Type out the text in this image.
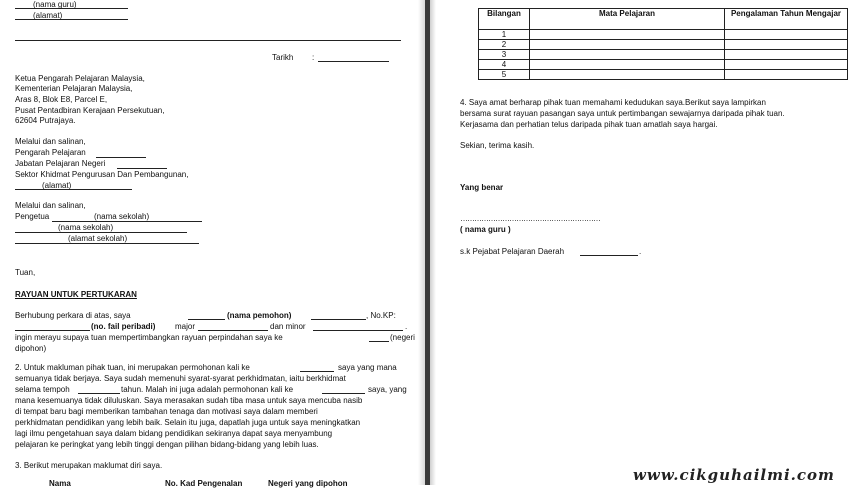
(nama guru)
(alamat)
Tarikh :
Ketua Pengarah Pelajaran Malaysia,
Kementerian Pelajaran Malaysia,
Aras 8, Blok E8, Parcel E,
Pusat Pentadbiran Kerajaan Persekutuan,
62604 Putrajaya.
Melalui dan salinan,
Pengarah Pelajaran
Jabatan Pelajaran Negeri
Sektor Khidmat Pengurusan Dan Pembangunan,
(alamat)
Melalui dan salinan,
Pengetua	(nama sekolah)
(nama sekolah)
(alamat sekolah)
Tuan,
RAYUAN UNTUK PERTUKARAN
Berhubung perkara di atas, saya	(nama pemohon)	, No.KP:
(no. fail peribadi) major	dan minor
ingin merayu supaya tuan mempertimbangkan rayuan perpindahan saya ke	(negeri
dipohon)
.
2. Untuk makluman pihak tuan, ini merupakan permohonan kali ke	saya yang mana
semuanya tidak berjaya. Saya sudah memenuhi syarat-syarat perkhidmatan, iaitu berkhidmat
selama tempoh	tahun. Malah ini juga adalah permohonan kali ke	saya, yang
mana kesemuanya tidak diluluskan. Saya merasakan sudah tiba masa untuk saya mencuba nasib
di tempat baru bagi memberikan tambahan tenaga dan motivasi saya dalam memberi
perkhidmatan pendidikan yang lebih baik. Selain itu juga, dapatlah juga untuk saya meningkatkan
lagi ilmu pengetahuan saya dalam bidang pendidikan sekiranya dapat saya menyambung
pelajaran ke peringkat yang lebih tinggi dengan pilihan bidang-bidang yang lebih luas.
3. Berikut merupakan maklumat diri saya.
Nama	No. Kad Pengenalan	Negeri yang dipohon
Bilangan	Mata Pelajaran	Pengalaman Tahun Mengajar
1		
2		
3		
4		
5		
4. Saya amat berharap pihak tuan memahami kedudukan saya.Berikut saya lampirkan
bersama surat rayuan pasangan saya untuk pertimbangan sewajarnya daripada pihak tuan.
Kerjasama dan perhatian telus daripada pihak tuan amatlah saya hargai.
Sekian, terima kasih.
Yang benar
……………………………………………………
( nama guru )
s.k Pejabat Pelajaran Daerah	.
www.cikguhailmi.com
